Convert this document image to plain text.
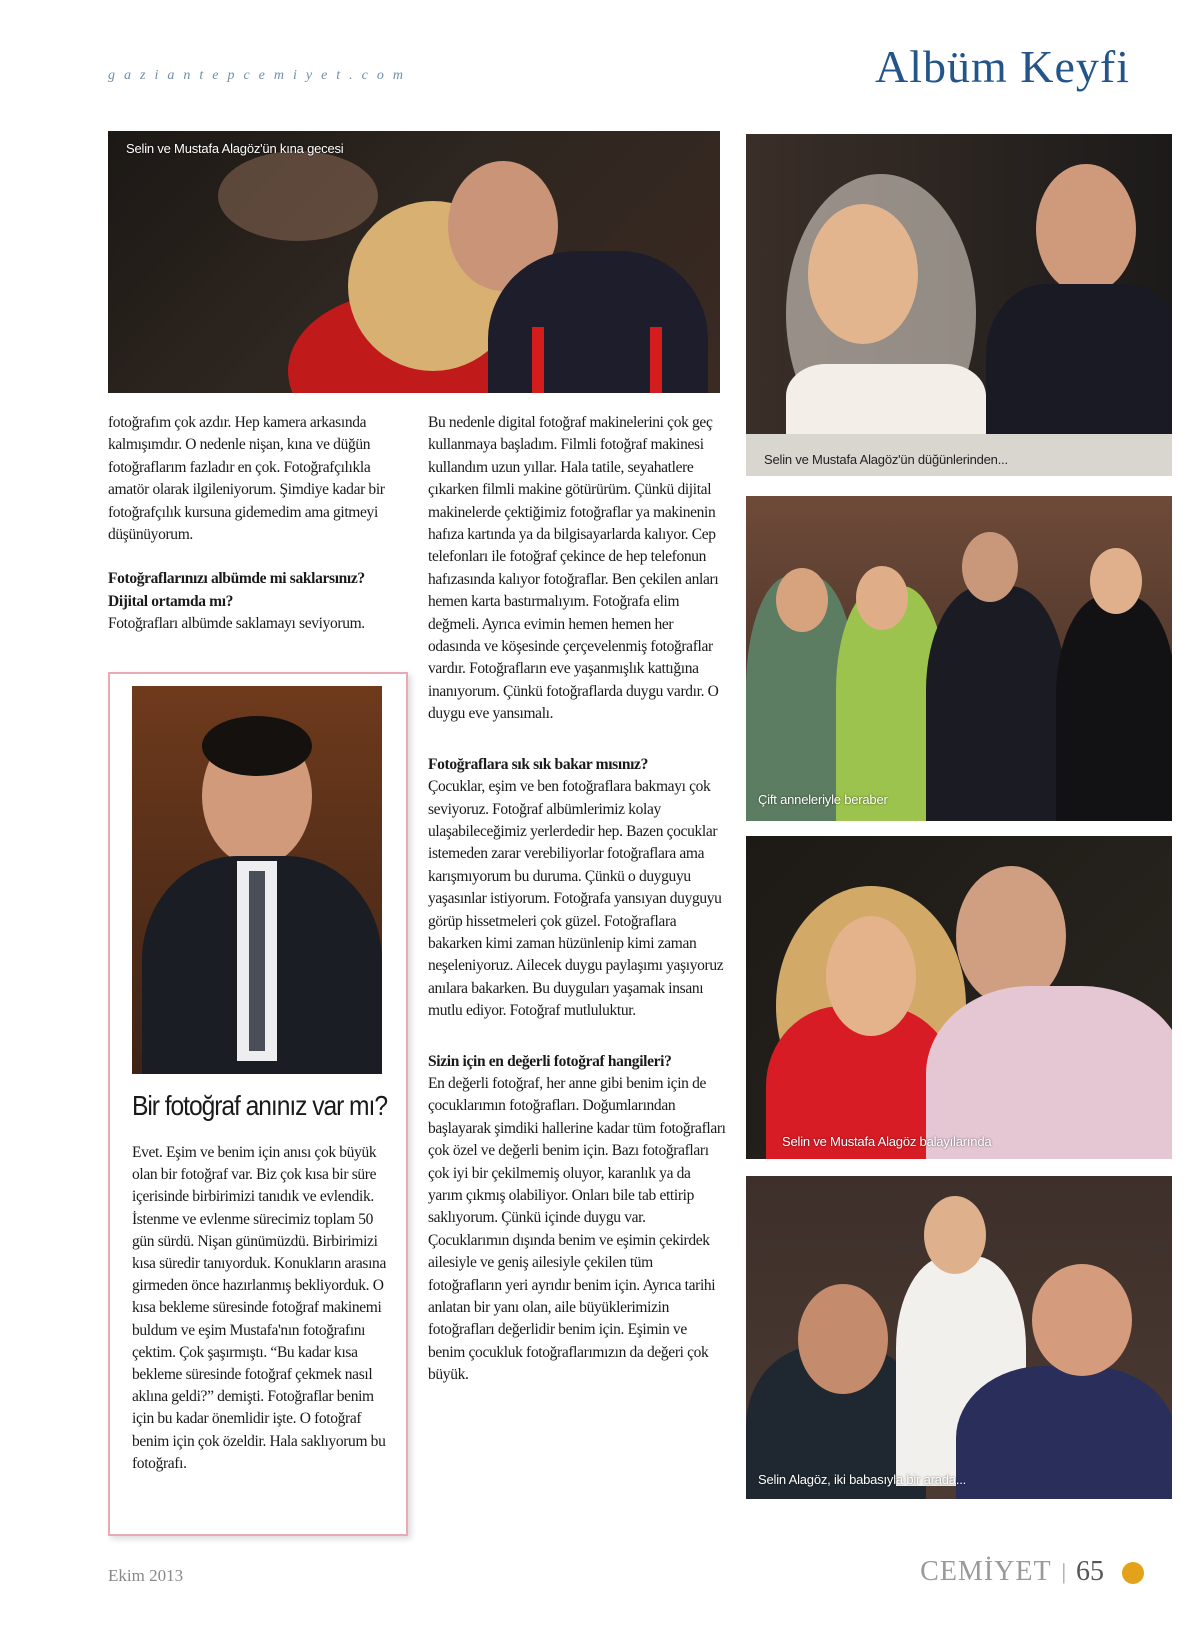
gaziantepcemiyet.com	Albüm Keyfi
Selin ve Mustafa Alagöz'ün kına gecesi
Selin ve Mustafa Alagöz'ün düğünlerinden...
Çift anneleriyle beraber
Selin ve Mustafa Alagöz balayılarında
Selin Alagöz, iki babasıyla bir arada...

fotoğrafım çok azdır. Hep kamera arkasında kalmışımdır. O nedenle nişan, kına ve düğün fotoğraflarım fazladır en çok. Fotoğrafçılıkla amatör olarak ilgileniyorum. Şimdiye kadar bir fotoğrafçılık kursuna gidemedim ama gitmeyi düşünüyorum.

Fotoğraflarınızı albümde mi saklarsınız? Dijital ortamda mı?

Fotoğrafları albümde saklamayı seviyorum.

Bir fotoğraf anınız var mı?
Evet. Eşim ve benim için anısı çok büyük olan bir fotoğraf var. Biz çok kısa bir süre içerisinde birbirimizi tanıdık ve evlendik. İstenme ve evlenme sürecimiz toplam 50 gün sürdü. Nişan günümüzdü. Birbirimizi kısa süredir tanıyorduk. Konukların arasına girmeden önce hazırlanmış bekliyorduk. O kısa bekleme süresinde fotoğraf makinemi buldum ve eşim Mustafa'nın fotoğrafını çektim. Çok şaşırmıştı. “Bu kadar kısa bekleme süresinde fotoğraf çekmek nasıl aklına geldi?” demişti. Fotoğraflar benim için bu kadar önemlidir işte. O fotoğraf benim için çok özeldir. Hala saklıyorum bu fotoğrafı.

Bu nedenle digital fotoğraf makinelerini çok geç kullanmaya başladım. Filmli fotoğraf makinesi kullandım uzun yıllar. Hala tatile, seyahatlere çıkarken filmli makine götürürüm. Çünkü dijital makinelerde çektiğimiz fotoğraflar ya makinenin hafıza kartında ya da bilgisayarlarda kalıyor. Cep telefonları ile fotoğraf çekince de hep telefonun hafızasında kalıyor fotoğraflar. Ben çekilen anları hemen karta bastırmalıyım. Fotoğrafa elim değmeli. Ayrıca evimin hemen hemen her odasında ve köşesinde çerçevelenmiş fotoğraflar vardır. Fotoğrafların eve yaşanmışlık kattığına inanıyorum. Çünkü fotoğraflarda duygu vardır. O duygu eve yansımalı.

Fotoğraflara sık sık bakar mısınız?

Çocuklar, eşim ve ben fotoğraflara bakmayı çok seviyoruz. Fotoğraf albümlerimiz kolay ulaşabileceğimiz yerlerdedir hep. Bazen çocuklar istemeden zarar verebiliyorlar fotoğraflara ama karışmıyorum bu duruma. Çünkü o duyguyu yaşasınlar istiyorum. Fotoğrafa yansıyan duyguyu görüp hissetmeleri çok güzel. Fotoğraflara bakarken kimi zaman hüzünlenip kimi zaman neşeleniyoruz. Ailecek duygu paylaşımı yaşıyoruz anılara bakarken. Bu duyguları yaşamak insanı mutlu ediyor. Fotoğraf mutluluktur.

Sizin için en değerli fotoğraf hangileri?

En değerli fotoğraf, her anne gibi benim için de çocuklarımın fotoğrafları. Doğumlarından başlayarak şimdiki hallerine kadar tüm fotoğrafları çok özel ve değerli benim için. Bazı fotoğrafları çok iyi bir çekilmemiş oluyor, karanlık ya da yarım çıkmış olabiliyor. Onları bile tab ettirip saklıyorum. Çünkü içinde duygu var. Çocuklarımın dışında benim ve eşimin çekirdek ailesiyle ve geniş ailesiyle çekilen tüm fotoğrafların yeri ayrıdır benim için. Ayrıca tarihi anlatan bir yanı olan, aile büyüklerimizin fotoğrafları değerlidir benim için. Eşimin ve benim çocukluk fotoğraflarımızın da değeri çok büyük.

Ekim 2013	CEMİYET | 65
